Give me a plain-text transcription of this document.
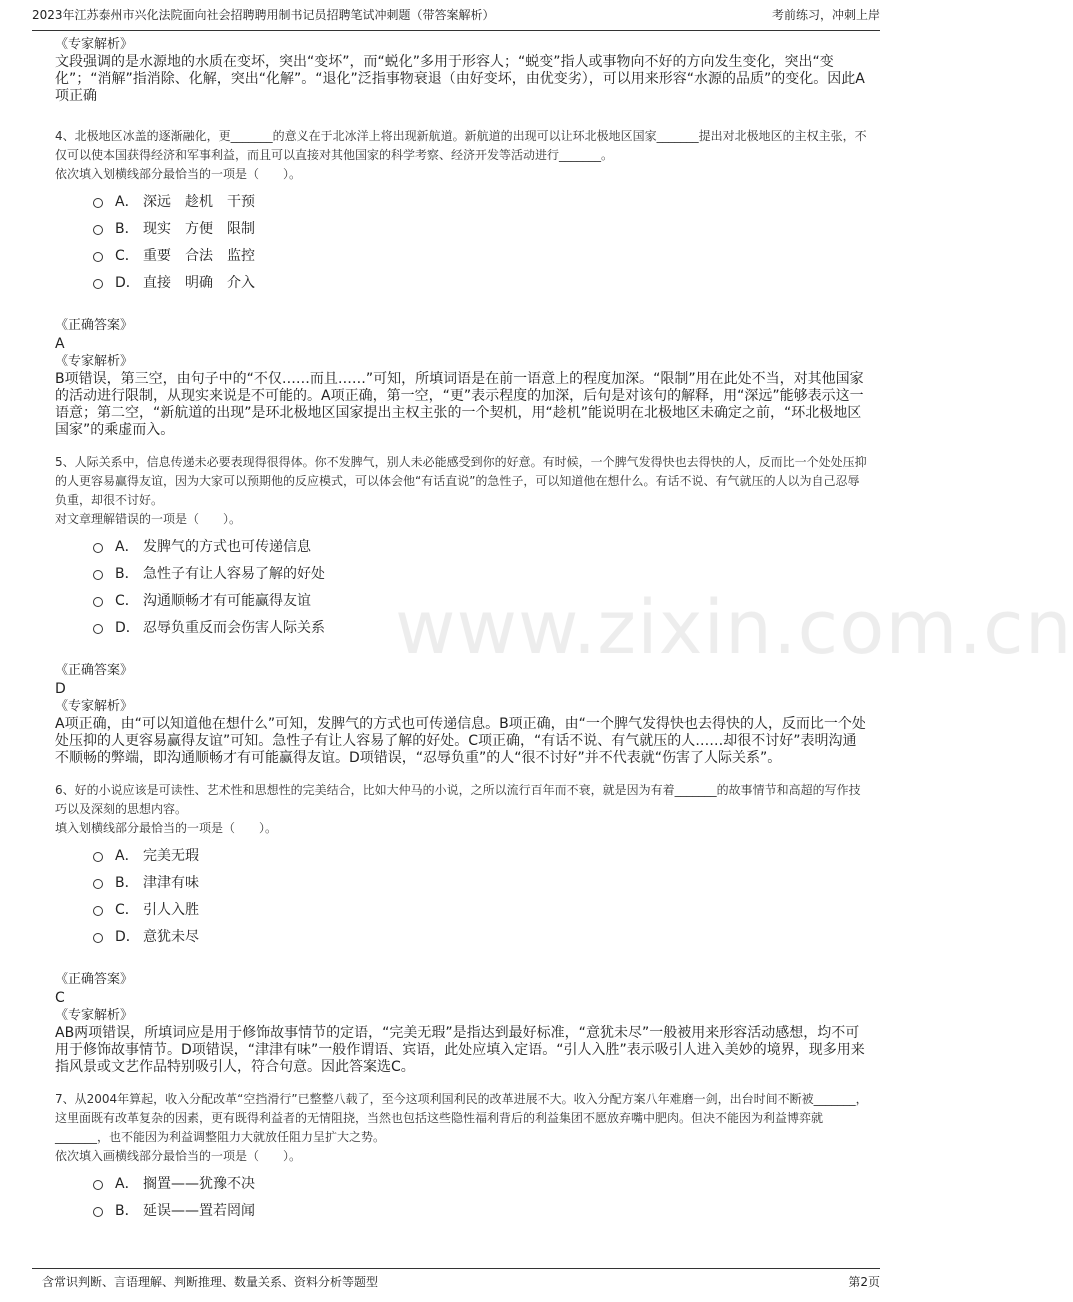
2023年江苏泰州市兴化法院面向社会招聘聘用制书记员招聘笔试冲刺题（带答案解析）	考前练习，冲刺上岸
www.zixin.com.cn
《专家解析》
文段强调的是水源地的水质在变坏，突出“变坏”，而“蜕化”多用于形容人；“蜕变”指人或事物向不好的方向发生变化，突出“变化”；“消解”指消除、化解，突出“化解”。“退化”泛指事物衰退（由好变坏，由优变劣），可以用来形容“水源的品质”的变化。因此A项正确
4、北极地区冰盖的逐渐融化，更_______的意义在于北冰洋上将出现新航道。新航道的出现可以让环北极地区国家_______提出对北极地区的主权主张，不仅可以使本国获得经济和军事利益，而且可以直接对其他国家的科学考察、经济开发等活动进行_______。
依次填入划横线部分最恰当的一项是（　　）。
A． 深远 趁机 干预
B． 现实 方便 限制
C． 重要 合法 监控
D． 直接 明确 介入
《正确答案》
A
《专家解析》
B项错误，第三空，由句子中的“不仅……而且……”可知，所填词语是在前一语意上的程度加深。“限制”用在此处不当，对其他国家的活动进行限制，从现实来说是不可能的。A项正确，第一空，“更”表示程度的加深，后句是对该句的解释，用“深远”能够表示这一语意；第二空，“新航道的出现”是环北极地区国家提出主权主张的一个契机，用“趁机”能说明在北极地区未确定之前，“环北极地区国家”的乘虚而入。
5、人际关系中，信息传递未必要表现得很得体。你不发脾气，别人未必能感受到你的好意。有时候，一个脾气发得快也去得快的人，反而比一个处处压抑的人更容易赢得友谊，因为大家可以预期他的反应模式，可以体会他“有话直说”的急性子，可以知道他在想什么。有话不说、有气就压的人以为自己忍辱负重，却很不讨好。
对文章理解错误的一项是（　　）。
A． 发脾气的方式也可传递信息
B． 急性子有让人容易了解的好处
C． 沟通顺畅才有可能赢得友谊
D． 忍辱负重反而会伤害人际关系
《正确答案》
D
《专家解析》
A项正确，由“可以知道他在想什么”可知，发脾气的方式也可传递信息。B项正确，由“一个脾气发得快也去得快的人，反而比一个处处压抑的人更容易赢得友谊”可知。急性子有让人容易了解的好处。C项正确，“有话不说、有气就压的人……却很不讨好”表明沟通不顺畅的弊端，即沟通顺畅才有可能赢得友谊。D项错误，“忍辱负重”的人“很不讨好”并不代表就“伤害了人际关系”。
6、好的小说应该是可读性、艺术性和思想性的完美结合，比如大仲马的小说，之所以流行百年而不衰，就是因为有着_______的故事情节和高超的写作技巧以及深刻的思想内容。
填入划横线部分最恰当的一项是（　　）。
A． 完美无瑕
B． 津津有味
C． 引人入胜
D． 意犹未尽
《正确答案》
C
《专家解析》
AB两项错误，所填词应是用于修饰故事情节的定语，“完美无瑕”是指达到最好标准，“意犹未尽”一般被用来形容活动感想，均不可用于修饰故事情节。D项错误，“津津有味”一般作谓语、宾语，此处应填入定语。“引人入胜”表示吸引人进入美妙的境界，现多用来指风景或文艺作品特别吸引人，符合句意。因此答案选C。
7、从2004年算起，收入分配改革“空挡滑行”已整整八载了，至今这项利国利民的改革进展不大。收入分配方案八年难磨一剑，出台时间不断被_______，这里面既有改革复杂的因素，更有既得利益者的无情阻挠，当然也包括这些隐性福利背后的利益集团不愿放弃嘴中肥肉。但决不能因为利益博弈就_______，也不能因为利益调整阻力大就放任阻力呈扩大之势。
依次填入画横线部分最恰当的一项是（　　）。
A． 搁置——犹豫不决
B． 延误——置若罔闻
含常识判断、言语理解、判断推理、数量关系、资料分析等题型	第2页
